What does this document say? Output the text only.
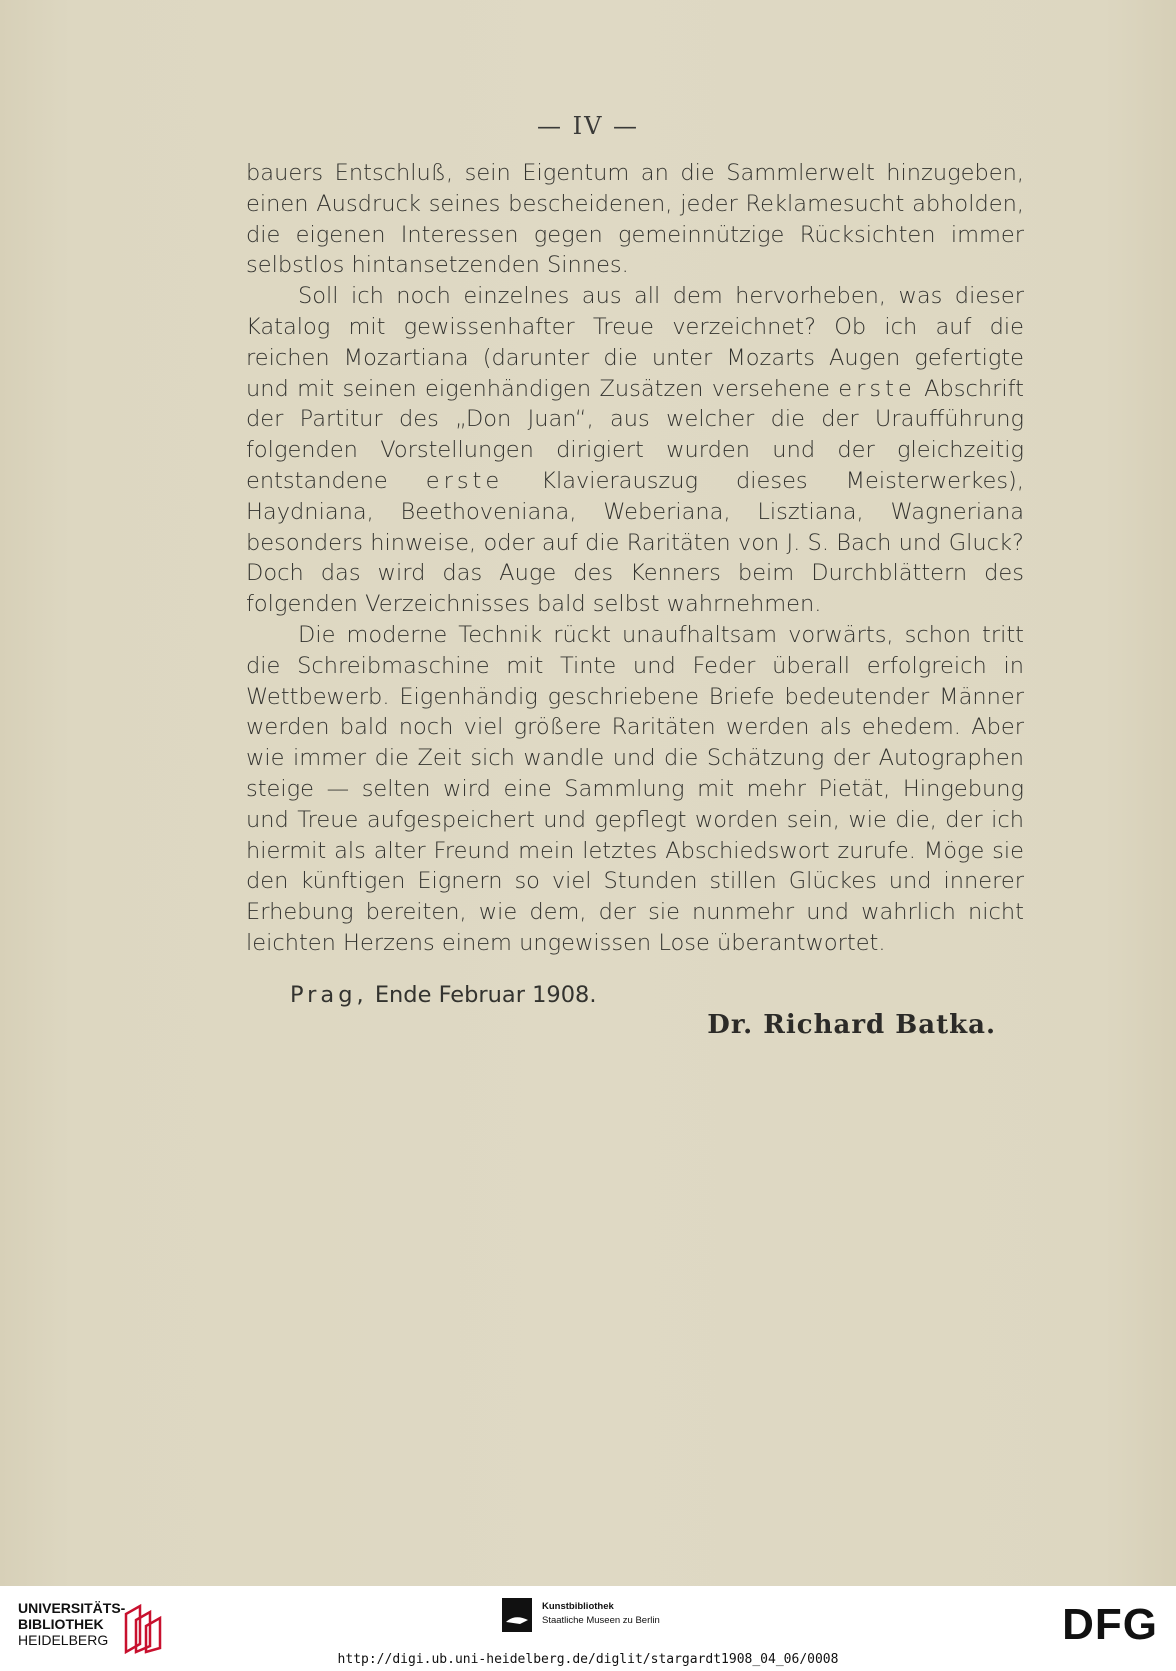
— IV —

bauers Entschluß, sein Eigentum an die Sammlerwelt hinzugeben, einen Ausdruck seines bescheidenen, jeder Reklamesucht abholden, die eigenen Interessen gegen gemeinnützige Rücksichten immer selbstlos hintansetzenden Sinnes.

Soll ich noch einzelnes aus all dem hervorheben, was dieser Katalog mit gewissenhafter Treue verzeichnet? Ob ich auf die reichen Mozartiana (darunter die unter Mozarts Augen gefertigte und mit seinen eigenhändigen Zusätzen versehene erste Abschrift der Partitur des „Don Juan“, aus welcher die der Uraufführung folgenden Vorstellungen dirigiert wurden und der gleichzeitig entstandene erste Klavierauszug dieses Meisterwerkes), Haydniana, Beethoveniana, Weberiana, Lisztiana, Wagneriana besonders hinweise, oder auf die Raritäten von J. S. Bach und Gluck? Doch das wird das Auge des Kenners beim Durchblättern des folgenden Verzeichnisses bald selbst wahrnehmen.

Die moderne Technik rückt unaufhaltsam vorwärts, schon tritt die Schreibmaschine mit Tinte und Feder überall erfolgreich in Wettbewerb. Eigenhändig geschriebene Briefe bedeutender Männer werden bald noch viel größere Raritäten werden als ehedem. Aber wie immer die Zeit sich wandle und die Schätzung der Autographen steige — selten wird eine Sammlung mit mehr Pietät, Hingebung und Treue aufgespeichert und gepflegt worden sein, wie die, der ich hiermit als alter Freund mein letztes Abschiedswort zurufe. Möge sie den künftigen Eignern so viel Stunden stillen Glückes und innerer Erhebung bereiten, wie dem, der sie nunmehr und wahrlich nicht leichten Herzens einem ungewissen Lose überantwortet.

Prag, Ende Februar 1908.
Dr. Richard Batka.
UNIVERSITÄTS-
BIBLIOTHEK
HEIDELBERG
Kunstbibliothek
Staatliche Museen zu Berlin	DFG
http://digi.ub.uni-heidelberg.de/diglit/stargardt1908_04_06/0008
